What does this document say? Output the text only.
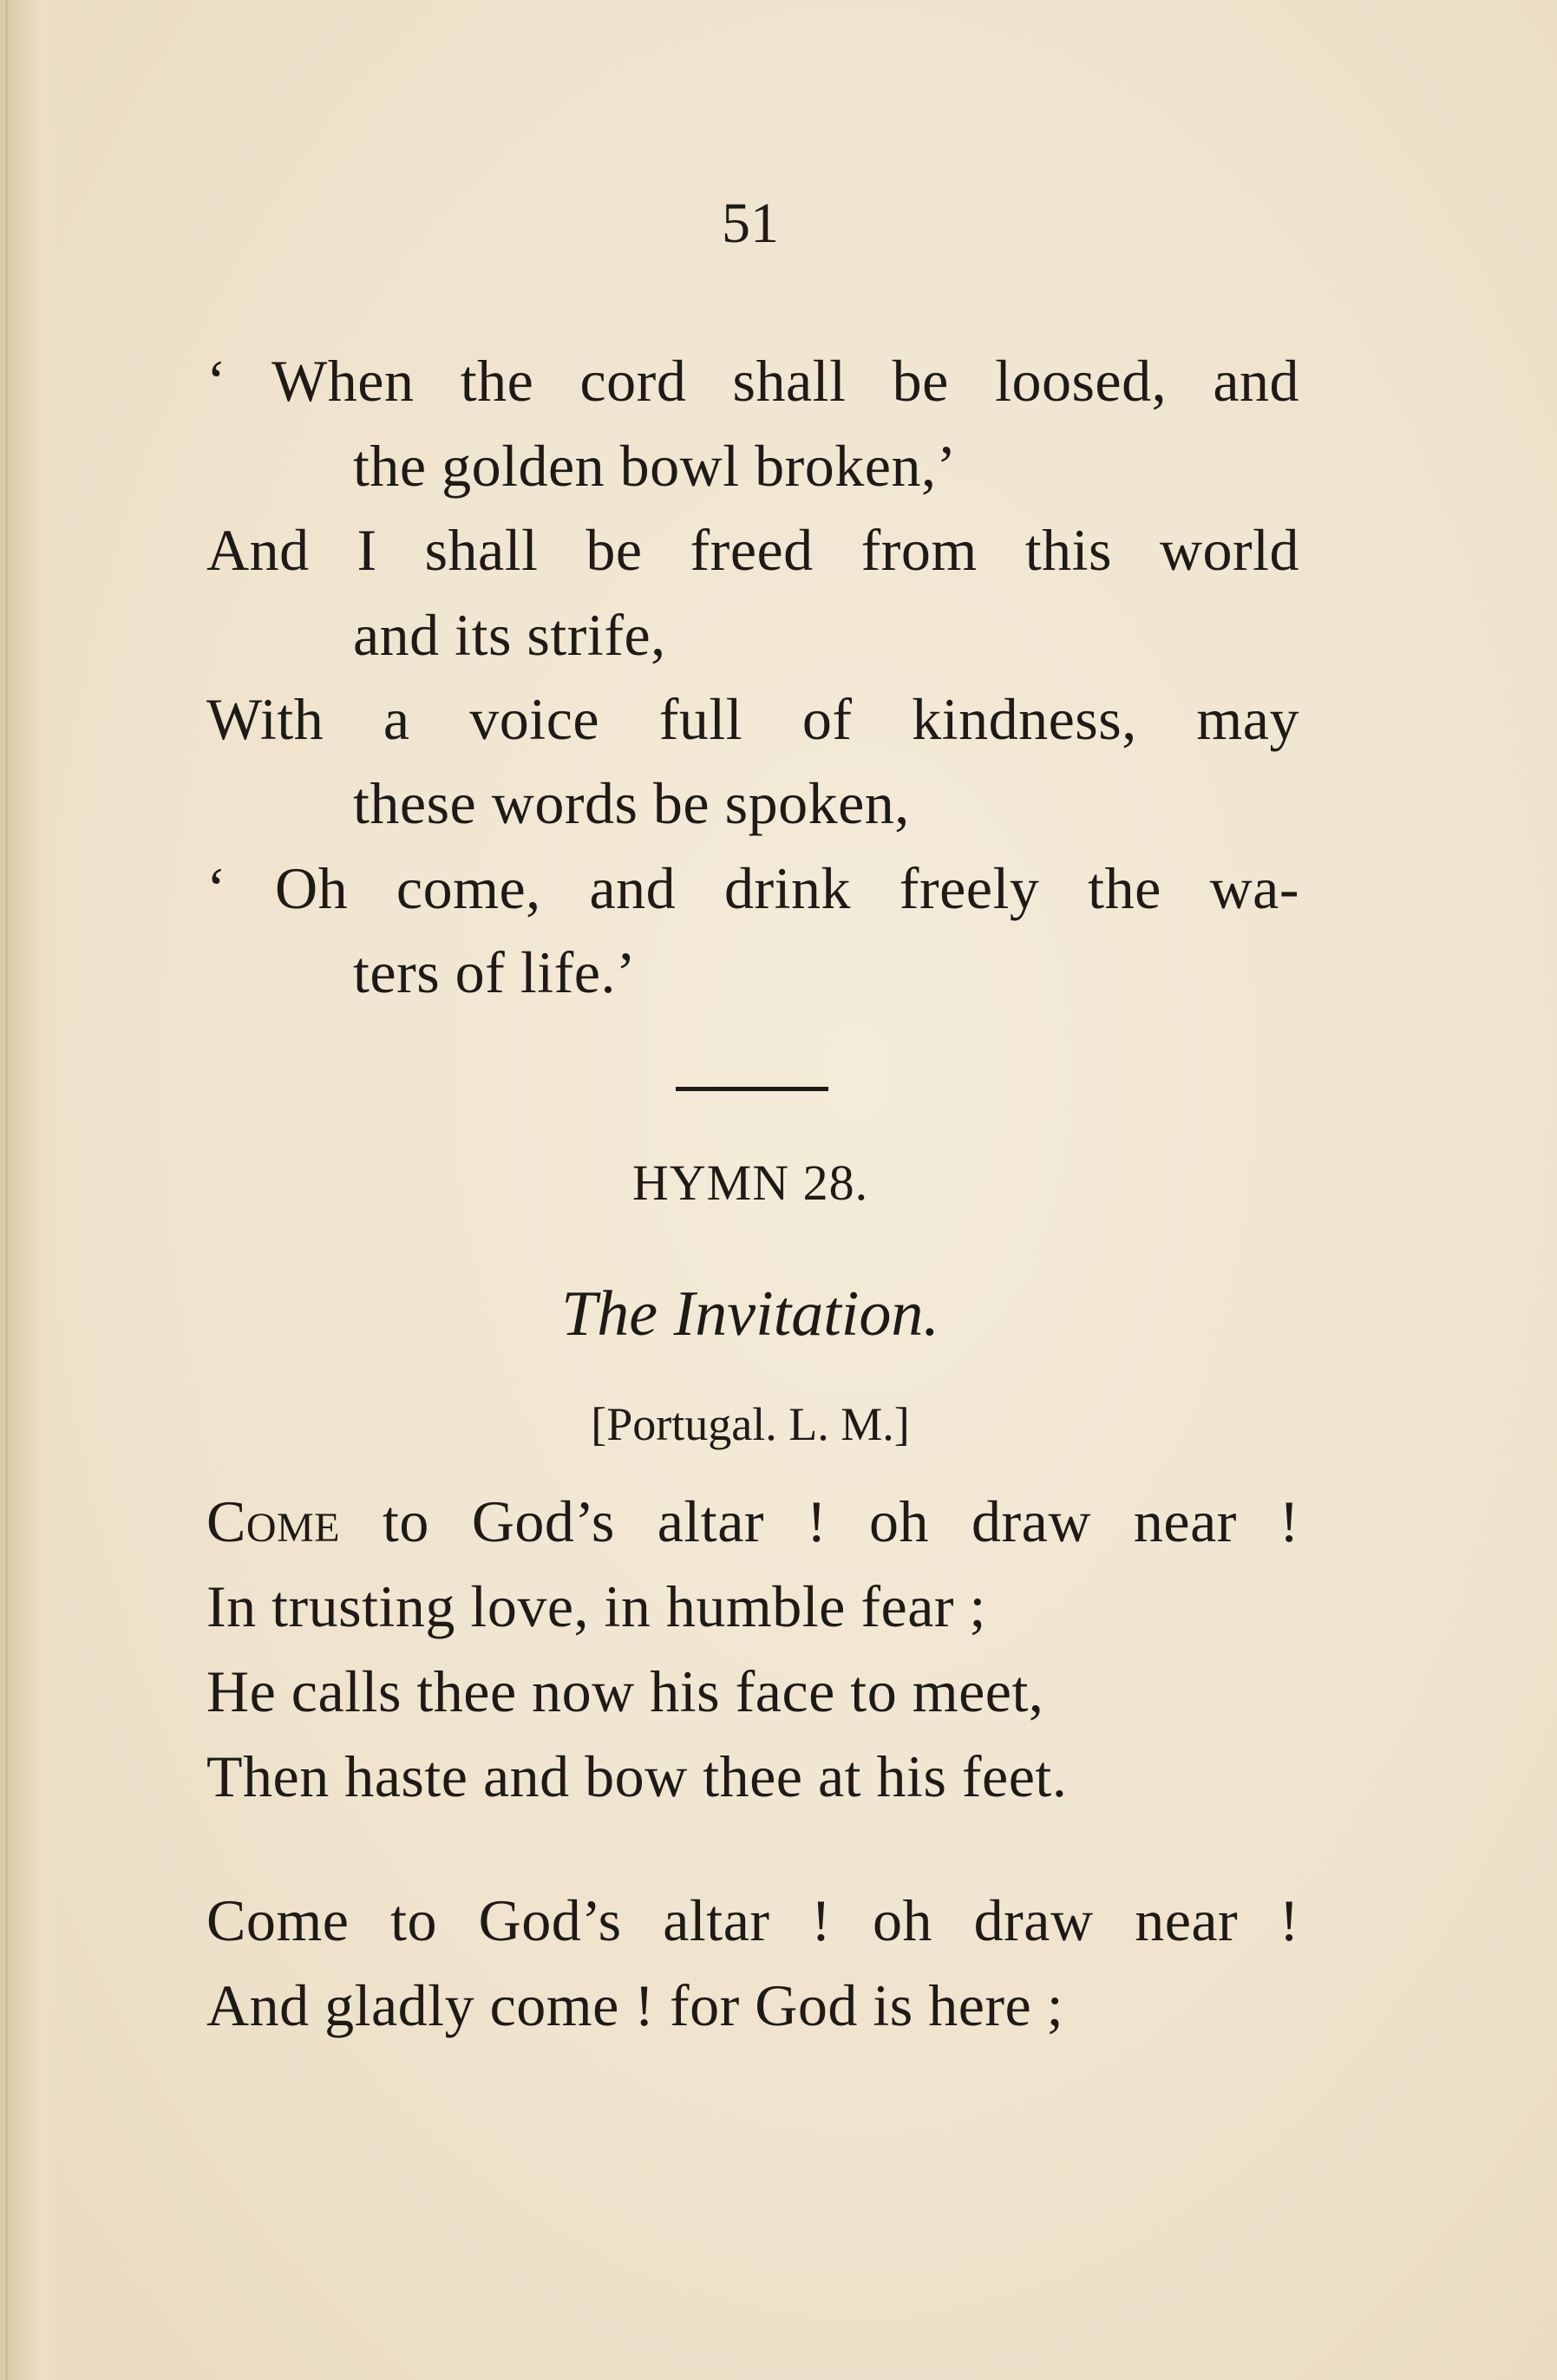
51
‘ When the cord shall be loosed, and
the golden bowl broken,’
And I shall be freed from this world
and its strife,
With a voice full of kindness, may
these words be spoken,
‘ Oh come, and drink freely the wa-
ters of life.’
HYMN 28.
The Invitation.
[Portugal. L. M.]
Come to God’s altar ! oh draw near !
In trusting love, in humble fear ;
He calls thee now his face to meet,
Then haste and bow thee at his feet.
Come to God’s altar ! oh draw near !
And gladly come ! for God is here ;
